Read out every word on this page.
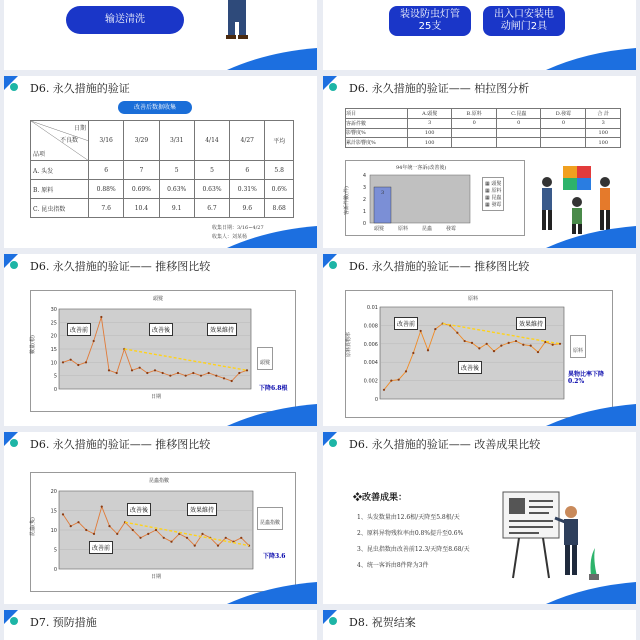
输送清洗	装设防虫灯管
25支
出入口安装电
动闸门2具
D6. 永久措施的验证
改善后数据收集
日期
不良数
品项	3/16	3/29	3/31	4/14	4/27	平均
A. 头发	6	7	5	5	6	5.8
B. 原料	0.88%	0.69%	0.63%	0.63%	0.31%	0.6%
C. 昆虫指数	7.6	10.4	9.1	6.7	9.6	8.68
收集日期：3/16~4/27
收集人：刘某杨
D6. 永久措施的验证—— 柏拉图分析
项目	A.頭髮	B.原料	C.昆蟲	D.發霉	合 計
客訴件數	3	0	0	0	3
影響度%	100				100
累計影響度%	100				100
94年统一客訴(改善後)
客訴件數(件)
0
1
2
3
4
3
▦ 頭髮
▦ 原料
▦ 昆蟲
▦ 發霉
頭髮	原料	昆蟲	發霉
D6. 永久措施的验证—— 推移图比较
頭髮
數量(根)
日期
0
5
10
15
20
25
30
改善前	改善後	效果維持
頭髮
下降6.8根
D6. 永久措施的验证—— 推移图比较
原料
原料異物率
0
0.002
0.004
0.006
0.008
0.01
改善前
改善後
效果維持
原料
異物比率下降0.2%
D6. 永久措施的验证—— 推移图比较
昆蟲指數
昆蟲(隻)
日期
0
5
10
15
20
改善前
改善後	效果維持
昆蟲指數
下降3.6
D6. 永久措施的验证—— 改善成果比较
❖改善成果：
1、头发数量由12.6根/天降至5.8根/天
2、原料异物残粒率由0.8%提升至0.6%
3、昆虫指数由改善前12.3/天降至8.68/天
4、统一客诉由8件降为3件
D7. 预防措施	D8. 祝贺结案
